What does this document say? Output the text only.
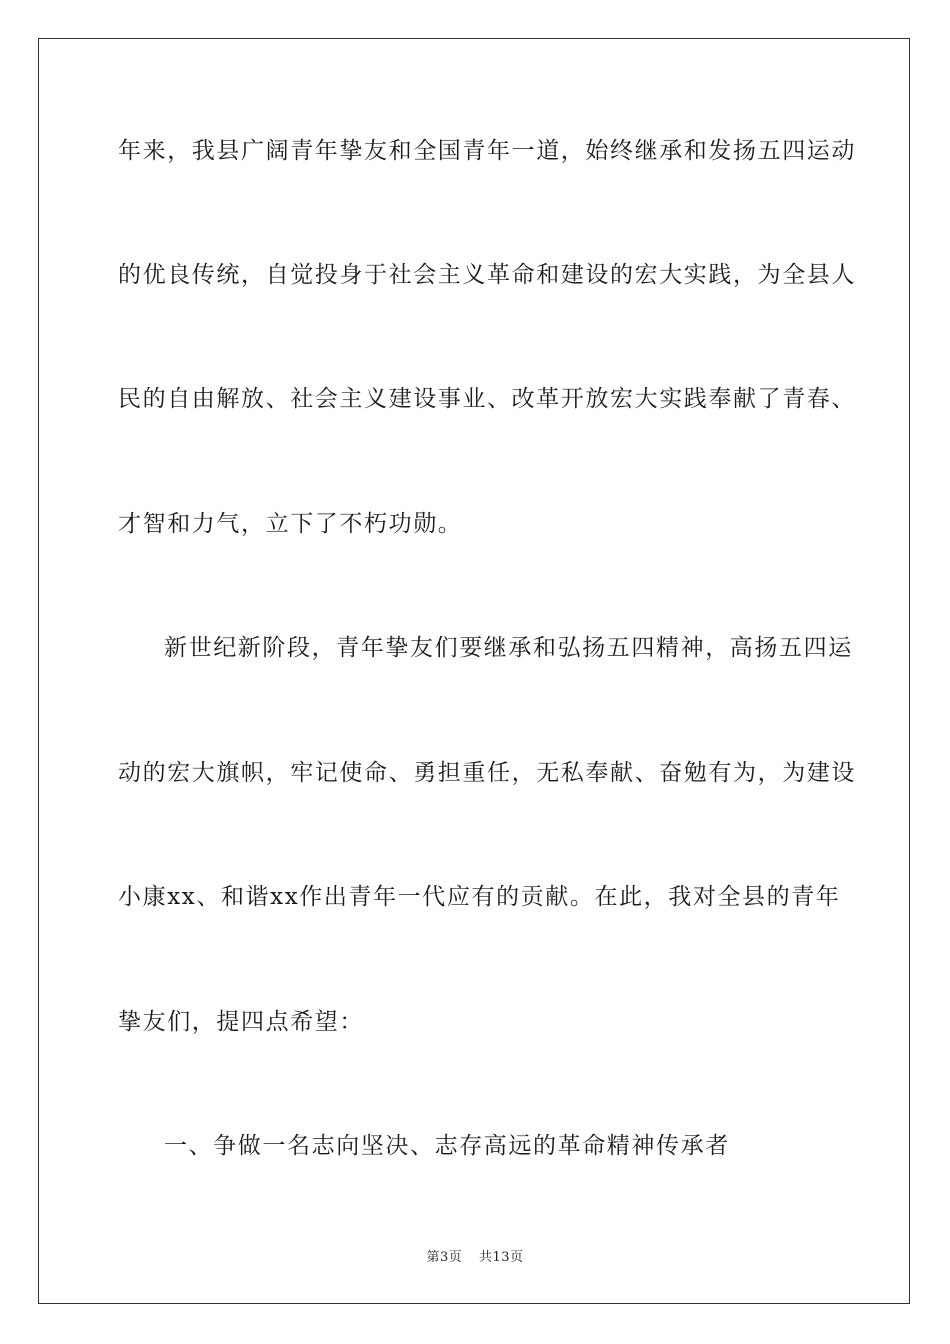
年来，我县广阔青年挚友和全国青年一道，始终继承和发扬五四运动
的优良传统，自觉投身于社会主义革命和建设的宏大实践，为全县人
民的自由解放、社会主义建设事业、改革开放宏大实践奉献了青春、
才智和力气，立下了不朽功勋。
新世纪新阶段，青年挚友们要继承和弘扬五四精神，高扬五四运
动的宏大旗帜，牢记使命、勇担重任，无私奉献、奋勉有为，为建设
小康xx、和谐xx作出青年一代应有的贡献。在此，我对全县的青年
挚友们，提四点希望：
一、争做一名志向坚决、志存高远的革命精神传承者
第3页 共13页
